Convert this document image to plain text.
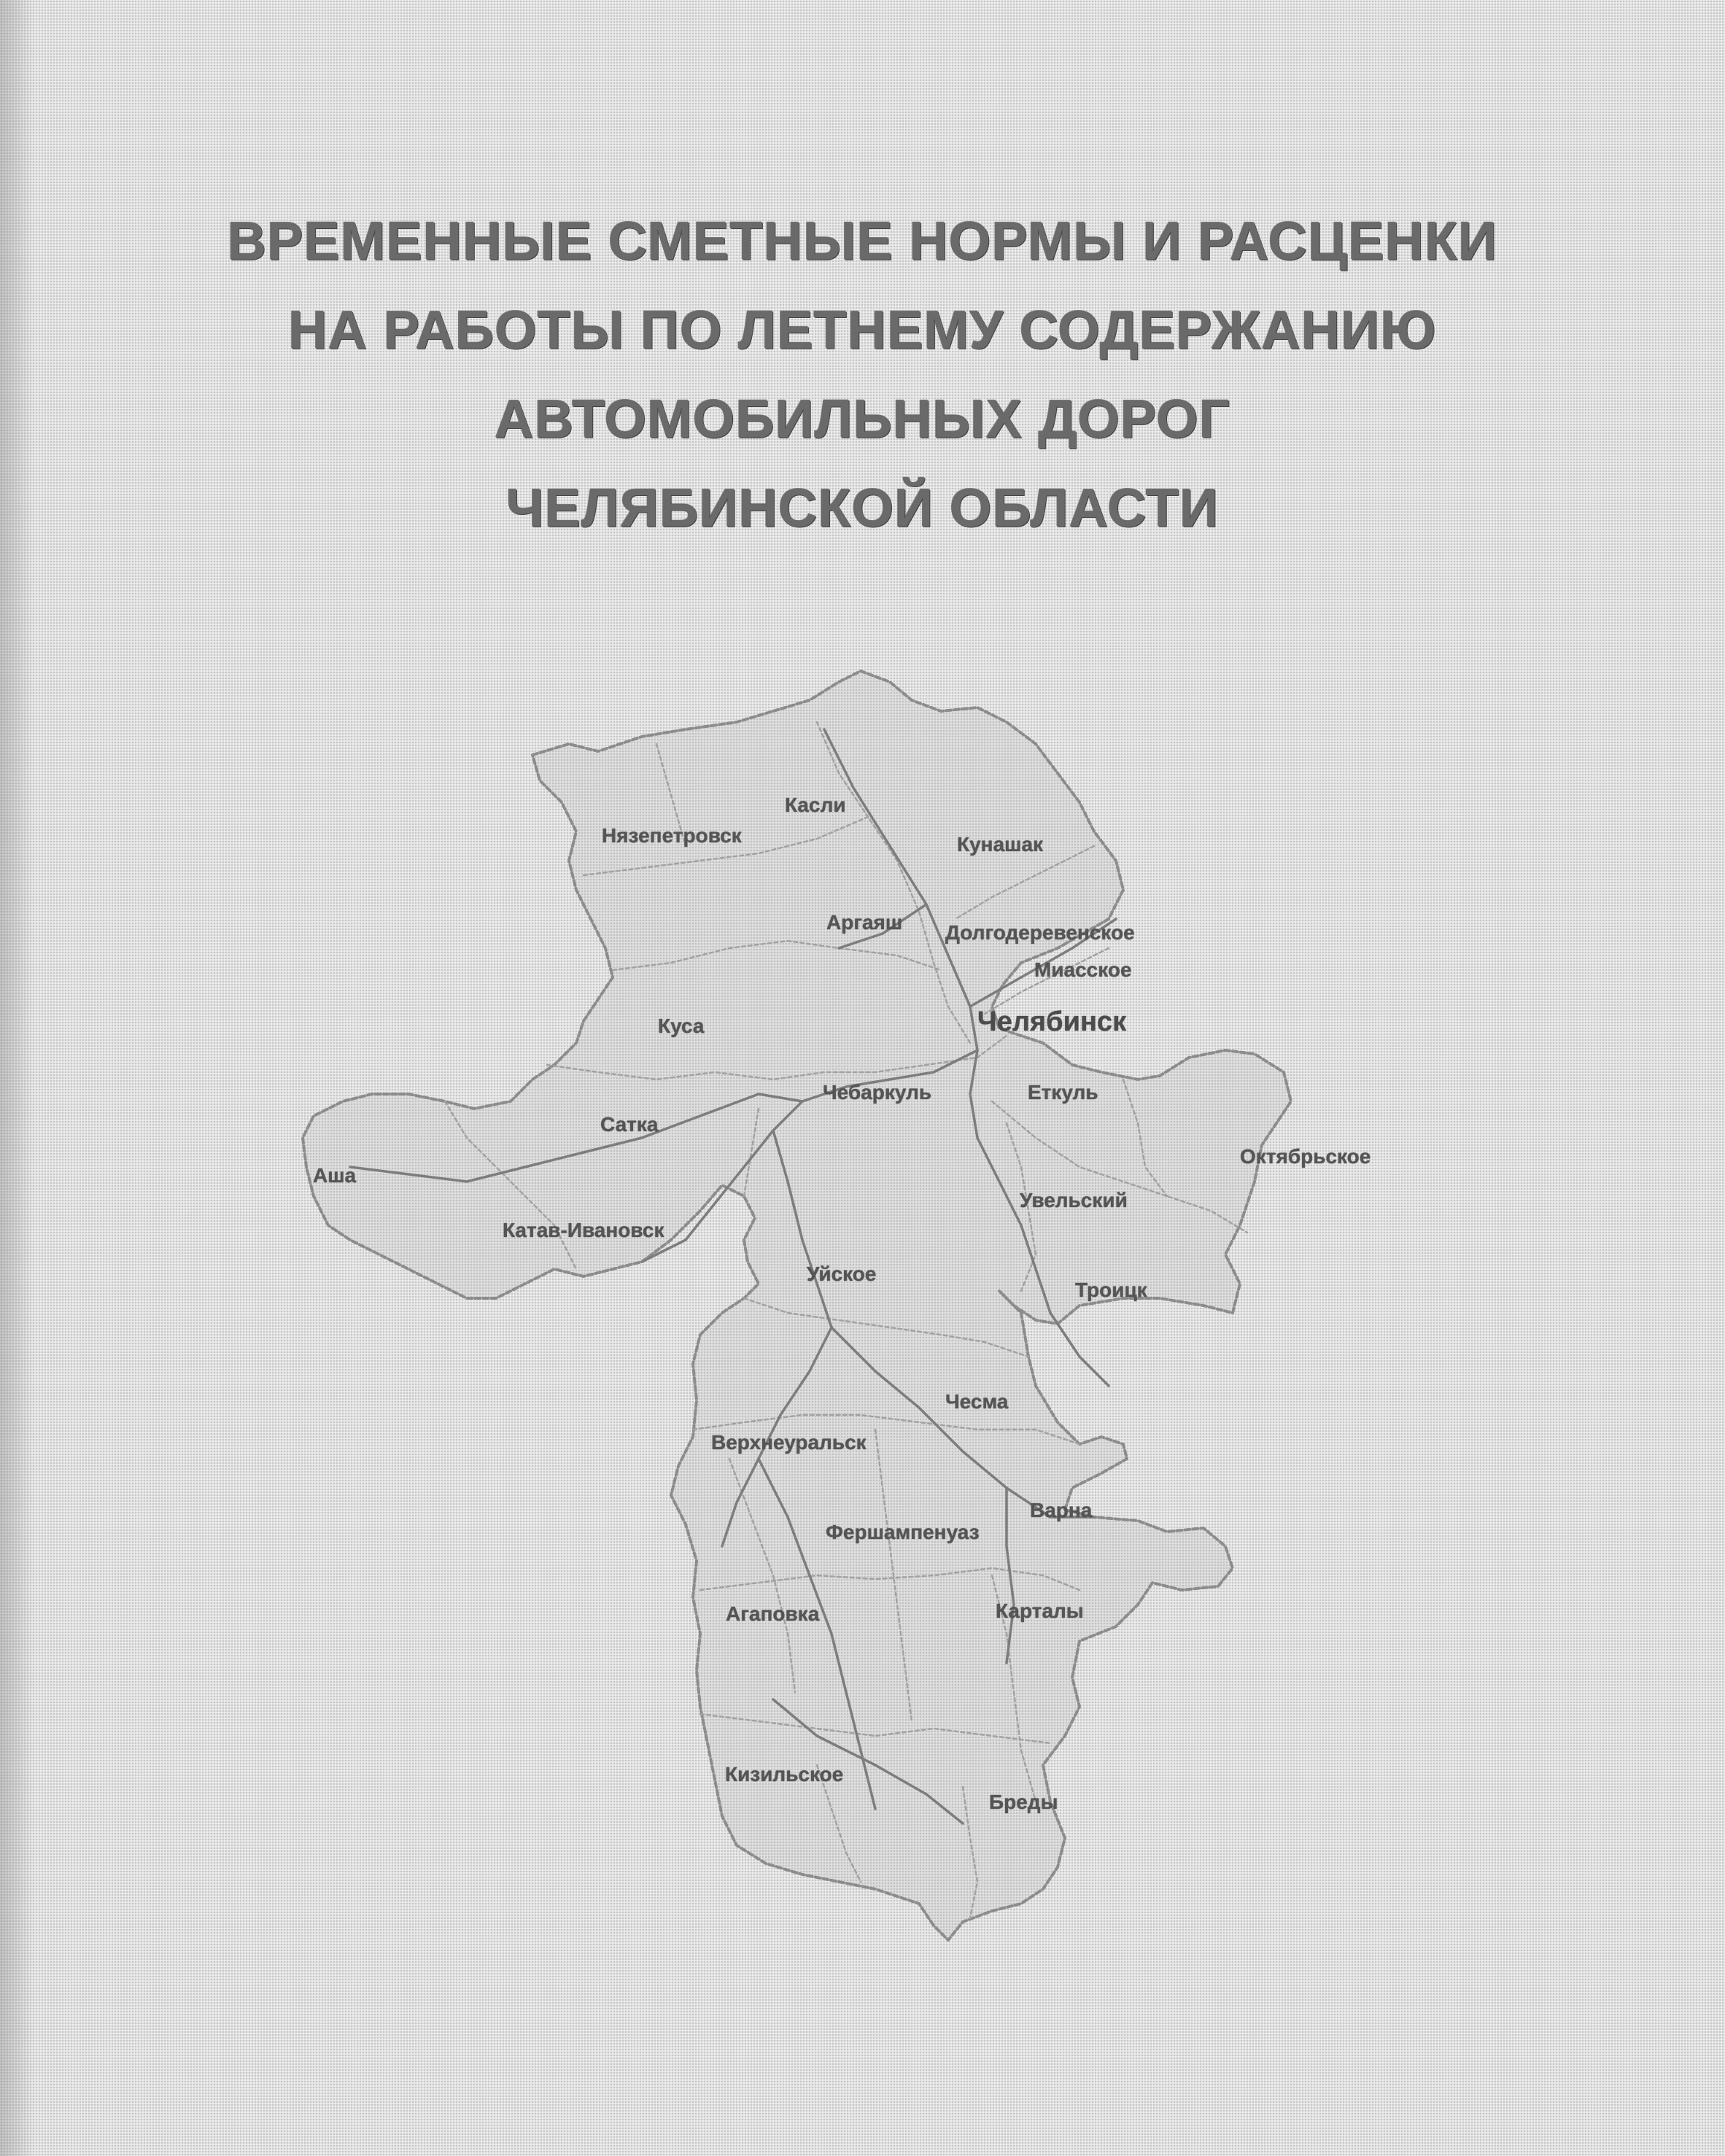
ВРЕМЕННЫЕ СМЕТНЫЕ НОРМЫ И РАСЦЕНКИ
НА РАБОТЫ ПО ЛЕТНЕМУ СОДЕРЖАНИЮ
АВТОМОБИЛЬНЫХ ДОРОГ
ЧЕЛЯБИНСКОЙ ОБЛАСТИ
Касли
Нязепетровск	Кунашак
Аргаяш Долгодеревенское
Миасское
Челябинск
Куса
Чебаркуль	Еткуль
Сатка
Октябрьское
Аша
Увельский
Катав-Ивановск
Уйское
Троицк
Чесма
Верхнеуральск
Варна
Фершампенуаз
Агаповка	Карталы
Кизильское
Бреды
